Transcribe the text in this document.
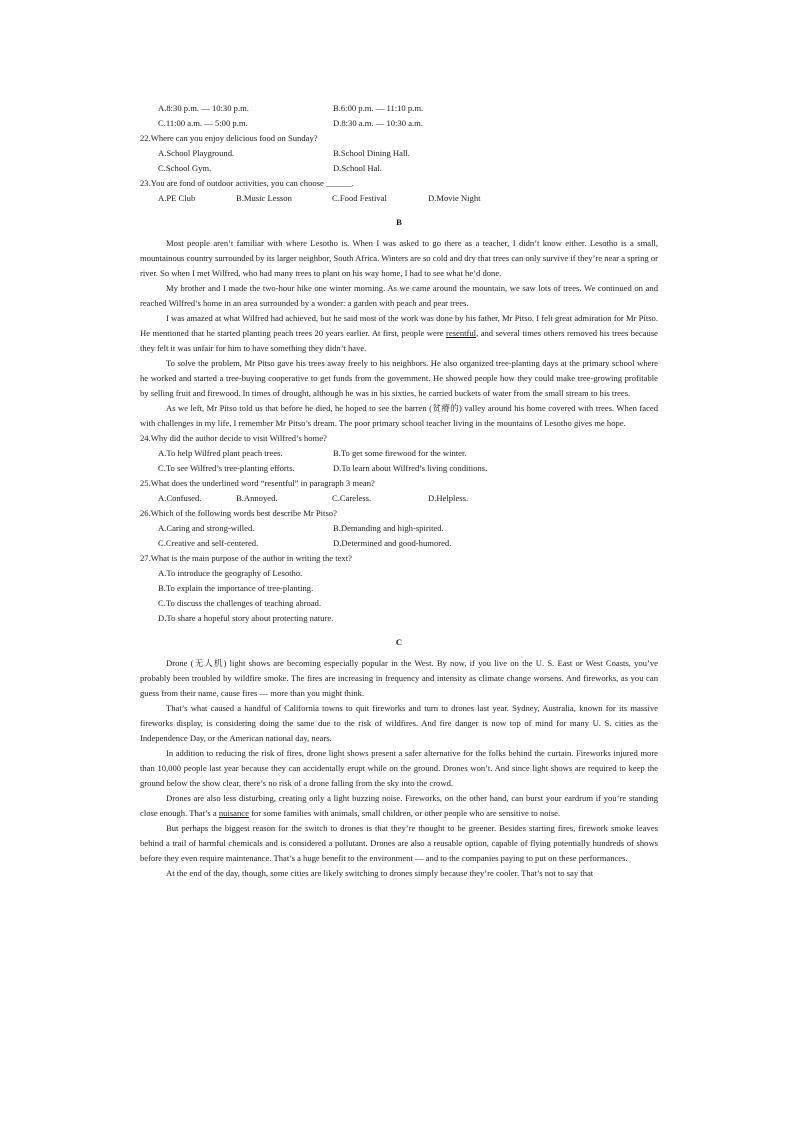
A.8:30 p.m. — 10:30 p.m.	B.6:00 p.m. — 11:10 p.m.
C.11:00 a.m. — 5:00 p.m.	D.8:30 a.m. — 10:30 a.m.

22.Where can you enjoy delicious food on Sunday?

A.School Playground.	B.School Dining Hall.
C.School Gym.	D.School Hal.

23.You are fond of outdoor activities, you can choose ______.

A.PE Club	B.Music Lesson	C.Food Festival	D.Movie Night
B

Most people aren’t familiar with where Lesotho is. When I was asked to go there as a teacher, I didn’t know either. Lesotho is a small, mountainous country surrounded by its larger neighbor, South Africa. Winters are so cold and dry that trees can only survive if they’re near a spring or river. So when I met Wilfred, who had many trees to plant on his way home, I had to see what he’d done.

My brother and I made the two-hour hike one winter morning. As we came around the mountain, we saw lots of trees. We continued on and reached Wilfred’s home in an area surrounded by a wonder: a garden with peach and pear trees.

I was amazed at what Wilfred had achieved, but he said most of the work was done by his father, Mr Pitso. I felt great admiration for Mr Pitso. He mentioned that he started planting peach trees 20 years earlier. At first, people were resentful, and several times others removed his trees because they felt it was unfair for him to have something they didn’t have.

To solve the problem, Mr Pitso gave his trees away freely to his neighbors. He also organized tree-planting days at the primary school where he worked and started a tree-buying cooperative to get funds from the government. He showed people how they could make tree-growing profitable by selling fruit and firewood. In times of drought, although he was in his sixties, he carried buckets of water from the small stream to his trees.

As we left, Mr Pitso told us that before he died, he hoped to see the barren (贫瘠的) valley around his home covered with trees. When faced with challenges in my life, I remember Mr Pitso’s dream. The poor primary school teacher living in the mountains of Lesotho gives me hope.

24.Why did the author decide to visit Wilfred’s home?

A.To help Wilfred plant peach trees.	B.To get some firewood for the winter.
C.To see Wilfred’s tree-planting efforts.	D.To learn about Wilfred’s living conditions.

25.What does the underlined word “resentful” in paragraph 3 mean?

A.Confused.	B.Annoyed.	C.Careless.	D.Helpless.

26.Which of the following words best describe Mr Pitso?

A.Caring and strong-willed.	B.Demanding and high-spirited.
C.Creative and self-centered.	D.Determined and good-humored.

27.What is the main purpose of the author in writing the text?

A.To introduce the geography of Lesotho.
B.To explain the importance of tree-planting.
C.To discuss the challenges of teaching abroad.
D.To share a hopeful story about protecting nature.
C

Drone (无人机) light shows are becoming especially popular in the West. By now, if you live on the U. S. East or West Coasts, you’ve probably been troubled by wildfire smoke. The fires are increasing in frequency and intensity as climate change worsens. And fireworks, as you can guess from their name, cause fires — more than you might think.

That’s what caused a handful of California towns to quit fireworks and turn to drones last year. Sydney, Australia, known for its massive fireworks display, is considering doing the same due to the risk of wildfires. And fire danger is now top of mind for many U. S. cities as the Independence Day, or the American national day, nears.

In addition to reducing the risk of fires, drone light shows present a safer alternative for the folks behind the curtain. Fireworks injured more than 10,000 people last year because they can accidentally erupt while on the ground. Drones won’t. And since light shows are required to keep the ground below the show clear, there’s no risk of a drone falling from the sky into the crowd.

Drones are also less disturbing, creating only a light buzzing noise. Fireworks, on the other hand, can burst your eardrum if you’re standing close enough. That’s a nuisance for some families with animals, small children, or other people who are sensitive to noise.

But perhaps the biggest reason for the switch to drones is that they’re thought to be greener. Besides starting fires, firework smoke leaves behind a trail of harmful chemicals and is considered a pollutant. Drones are also a reusable option, capable of flying potentially hundreds of shows before they even require maintenance. That’s a huge benefit to the environment — and to the companies paying to put on these performances.

At the end of the day, though, some cities are likely switching to drones simply because they’re cooler. That’s not to say that
